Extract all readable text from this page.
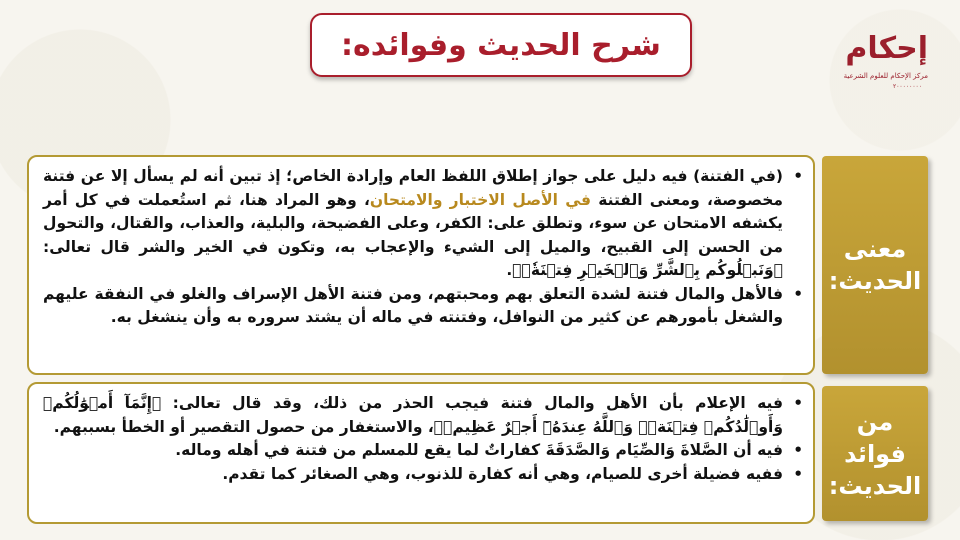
شرح الحديث وفوائده:	إحكام
مركز الإحكام للعلوم الشرعية
٢٠٠٠٠٠٠٠٠
• (في الفتنة) فيه دليل على جواز إطلاق اللفظ العام وإرادة الخاص؛ إذ تبين أنه لم يسأل إلا عن فتنة مخصوصة، ومعنى الفتنة في الأصل الاختبار والامتحان، وهو المراد هنا، ثم استُعملت في كل أمر يكشفه الامتحان عن سوء، وتطلق على: الكفر، وعلى الفضيحة، والبلية، والعذاب، والقتال، والتحول من الحسن إلى القبيح، والميل إلى الشيء والإعجاب به، وتكون في الخير والشر قال تعالى: ﴿وَنَبۡلُوكُم بِٱلشَّرِّ وَٱلۡخَيۡرِ فِتۡنَةٗۖ﴾.
• فالأهل والمال فتنة لشدة التعلق بهم ومحبتهم، ومن فتنة الأهل الإسراف والغلو في النفقة عليهم والشغل بأمورهم عن كثير من النوافل، وفتنته في ماله أن يشتد سروره به وأن ينشغل به.
معنى
الحديث:
• فيه الإعلام بأن الأهل والمال فتنة فيجب الحذر من ذلك، وقد قال تعالى: ﴿إِنَّمَآ أَمۡوَٰلُكُمۡ وَأَوۡلَٰدُكُمۡ فِتۡنَةٞۚ وَٱللَّهُ عِندَهُۥٓ أَجۡرٌ عَظِيمٞ﴾، والاستغفار من حصول التقصير أو الخطأ بسببهم.
• فيه أن الصَّلاةَ وَالصِّيَام وَالصَّدَقَةَ كفاراتٌ لما يقع للمسلم من فتنة في أهله وماله.
• ففيه فضيلة أخرى للصيام، وهي أنه كفارة للذنوب، وهي الصغائر كما تقدم.
من فوائد
الحديث:
